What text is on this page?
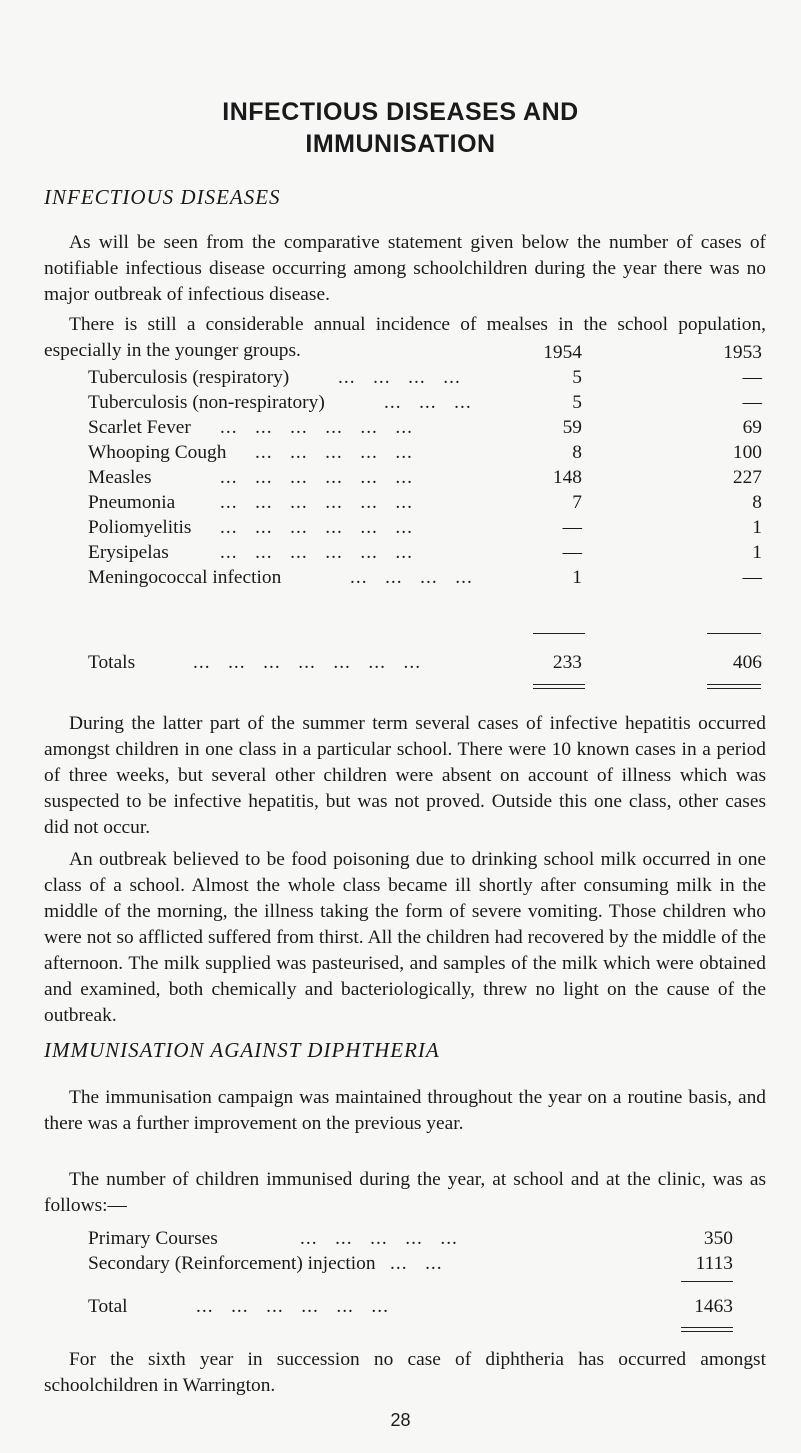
INFECTIOUS DISEASES AND
IMMUNISATION
INFECTIOUS DISEASES
As will be seen from the comparative statement given below the number of cases of notifiable infectious disease occurring among schoolchildren during the year there was no major outbreak of infectious disease.
There is still a considerable annual incidence of mealses in the school population, especially in the younger groups.	1954	1953
Tuberculosis (respiratory)	...   ...   ...   ...	5	—
Tuberculosis (non-respiratory)	...   ...   ...	5	—
Scarlet Fever ...   ...   ...   ...   ...   ...	59	69
Whooping Cough ...   ...   ...   ...   ...	8	100
Measles	...   ...   ...   ...   ...   ...	148	227
Pneumonia ...   ...   ...   ...   ...   ...	7	8
Poliomyelitis ...   ...   ...   ...   ...   ...	—	1
Erysipelas	...   ...   ...   ...   ...   ...	—	1
Meningococcal infection	...   ...   ...   ...	1	—
Totals	...   ...   ...   ...   ...   ...   ...	233	406
During the latter part of the summer term several cases of infective hepatitis occurred amongst children in one class in a particular school. There were 10 known cases in a period of three weeks, but several other children were absent on account of illness which was suspected to be infective hepatitis, but was not proved. Outside this one class, other cases did not occur.
An outbreak believed to be food poisoning due to drinking school milk occurred in one class of a school. Almost the whole class became ill shortly after consuming milk in the middle of the morning, the illness taking the form of severe vomiting. Those children who were not so afflicted suffered from thirst. All the children had recovered by the middle of the afternoon. The milk supplied was pasteurised, and samples of the milk which were obtained and examined, both chemically and bacteriologically, threw no light on the cause of the outbreak.
IMMUNISATION AGAINST DIPHTHERIA
The immunisation campaign was maintained throughout the year on a routine basis, and there was a further improvement on the previous year.
The number of children immunised during the year, at school and at the clinic, was as follows:—
Primary Courses	...   ...   ...   ...   ...	350
Secondary (Reinforcement) injection ...   ...	1113
Total	...   ...   ...   ...   ...   ...	1463
For the sixth year in succession no case of diphtheria has occurred amongst schoolchildren in Warrington.
28
